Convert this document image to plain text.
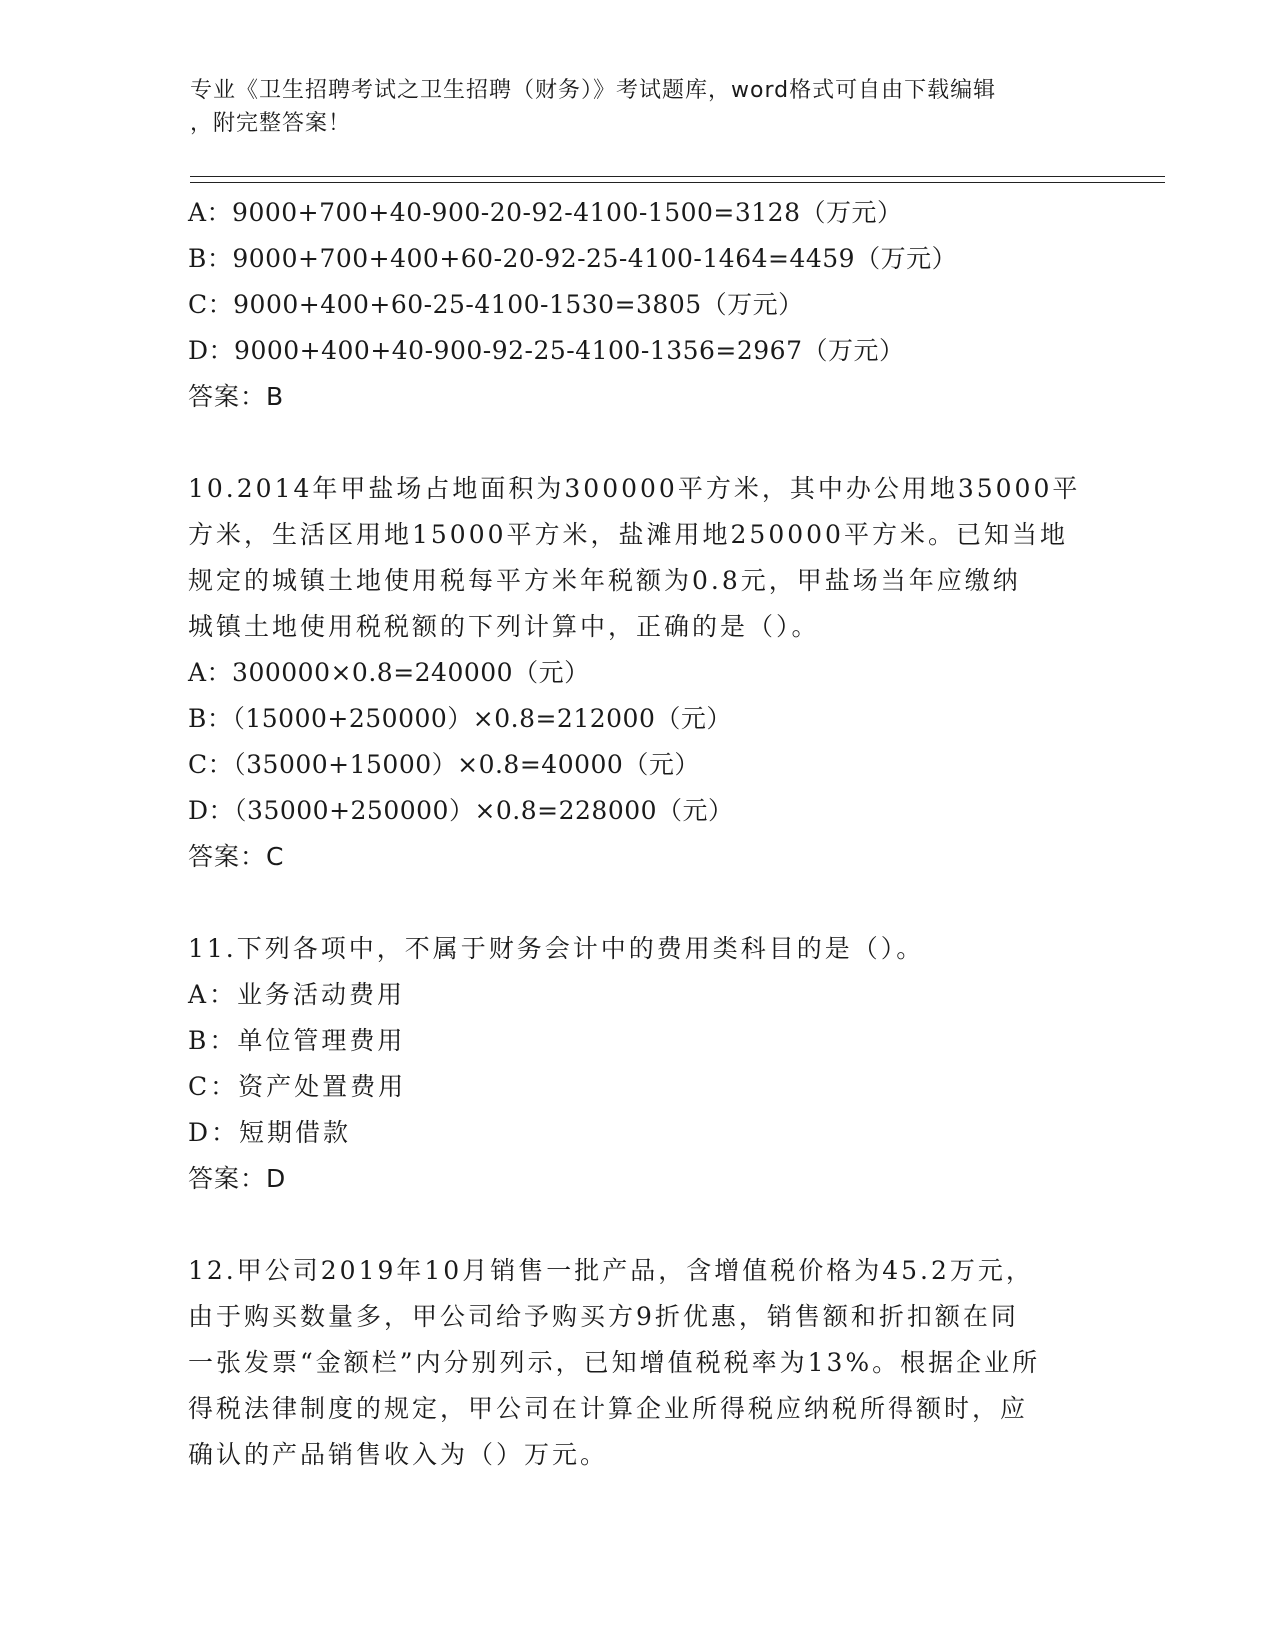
专业《卫生招聘考试之卫生招聘（财务）》考试题库，word格式可自由下载编辑
，附完整答案！
A：9000+700+40-900-20-92-4100-1500=3128（万元）
B：9000+700+400+60-20-92-25-4100-1464=4459（万元）
C：9000+400+60-25-4100-1530=3805（万元）
D：9000+400+40-900-92-25-4100-1356=2967（万元）
答案：B
10.2014年甲盐场占地面积为300000平方米，其中办公用地35000平
方米，生活区用地15000平方米，盐滩用地250000平方米。已知当地
规定的城镇土地使用税每平方米年税额为0.8元，甲盐场当年应缴纳
城镇土地使用税税额的下列计算中，正确的是（）。
A：300000×0.8=240000（元）
B：（15000+250000）×0.8=212000（元）
C：（35000+15000）×0.8=40000（元）
D：（35000+250000）×0.8=228000（元）
答案：C
11.下列各项中，不属于财务会计中的费用类科目的是（）。
A：业务活动费用
B：单位管理费用
C：资产处置费用
D：短期借款
答案：D
12.甲公司2019年10月销售一批产品，含增值税价格为45.2万元，
由于购买数量多，甲公司给予购买方9折优惠，销售额和折扣额在同
一张发票“金额栏”内分别列示，已知增值税税率为13%。根据企业所
得税法律制度的规定，甲公司在计算企业所得税应纳税所得额时，应
确认的产品销售收入为（）万元。
